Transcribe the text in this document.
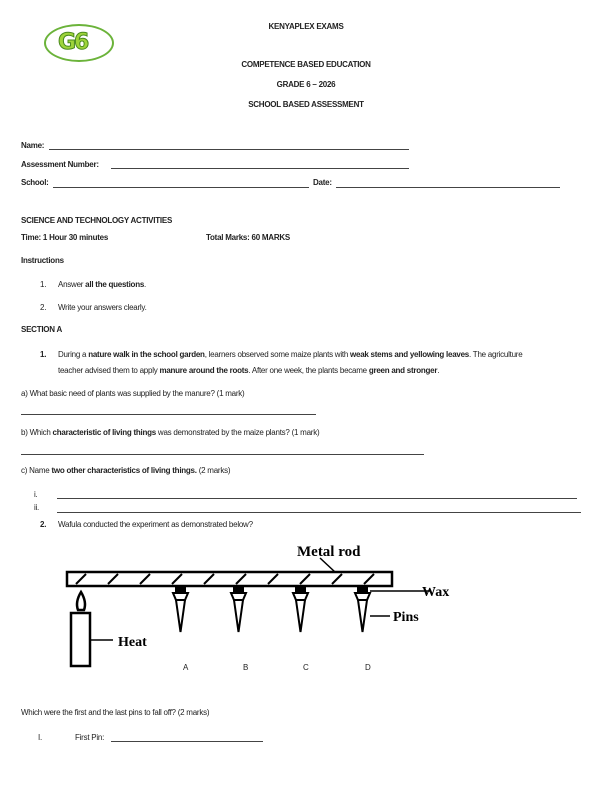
G6
KENYAPLEX EXAMS
COMPETENCE BASED EDUCATION
GRADE 6 – 2026
SCHOOL BASED ASSESSMENT
Name:
Assessment Number:
School:	Date:
SCIENCE AND TECHNOLOGY ACTIVITIES
Time: 1 Hour 30 minutes	Total Marks: 60 MARKS
Instructions
1. Answer all the questions.
2. Write your answers clearly.
SECTION A
1. During a nature walk in the school garden, learners observed some maize plants with weak stems and yellowing leaves. The agriculture
teacher advised them to apply manure around the roots. After one week, the plants became green and stronger.
a) What basic need of plants was supplied by the manure? (1 mark)
b) Which characteristic of living things was demonstrated by the maize plants? (1 mark)
c) Name two other characteristics of living things. (2 marks)
i.
ii.
2. Wafula conducted the experiment as demonstrated below?
Metal rod
Wax
Pins
Heat
A	B	C	D
Which were the first and the last pins to fall off? (2 marks)
I.	First Pin:
